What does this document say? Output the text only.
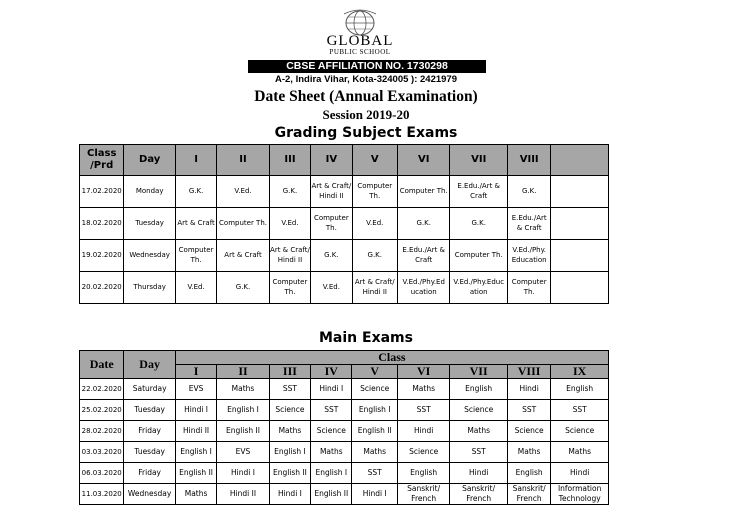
GLOBAL
PUBLIC SCHOOL
CBSE AFFILIATION NO. 1730298
A-2, Indira Vihar, Kota-324005 ): 2421979
Date Sheet (Annual Examination)
Session 2019-20
Grading Subject Exams
Class /Prd	Day	I	II	III	IV	V	VI	VII	VIII	
17.02.2020	Monday	G.K.	V.Ed.	G.K.	Art & Craft/ Hindi II	Computer Th.	Computer Th.	E.Edu./Art & Craft	G.K.	
18.02.2020	Tuesday	Art & Craft	Computer Th.	V.Ed.	Computer Th.	V.Ed.	G.K.	G.K.	E.Edu./Art & Craft	
19.02.2020	Wednesday	Computer Th.	Art & Craft	Art & Craft/ Hindi II	G.K.	G.K.	E.Edu./Art & Craft	Computer Th.	V.Ed./Phy. Education	
20.02.2020	Thursday	V.Ed.	G.K.	Computer Th.	V.Ed.	Art & Craft/ Hindi II	V.Ed./Phy.Ed ucation	V.Ed./Phy.Educ ation	Computer Th.	
Main Exams
Date	Day	Class								
		I	II	III	IV	V	VI	VII	VIII	IX
22.02.2020	Saturday	EVS	Maths	SST	Hindi I	Science	Maths	English	Hindi	English
25.02.2020	Tuesday	Hindi I	English I	Science	SST	English I	SST	Science	SST	SST
28.02.2020	Friday	Hindi II	English II	Maths	Science	English II	Hindi	Maths	Science	Science
03.03.2020	Tuesday	English I	EVS	English I	Maths	Maths	Science	SST	Maths	Maths
06.03.2020	Friday	English II	Hindi I	English II	English I	SST	English	Hindi	English	Hindi
11.03.2020	Wednesday	Maths	Hindi II	Hindi I	English II	Hindi I	Sanskrit/ French	Sanskrit/ French	Sanskrit/ French	Information Technology
